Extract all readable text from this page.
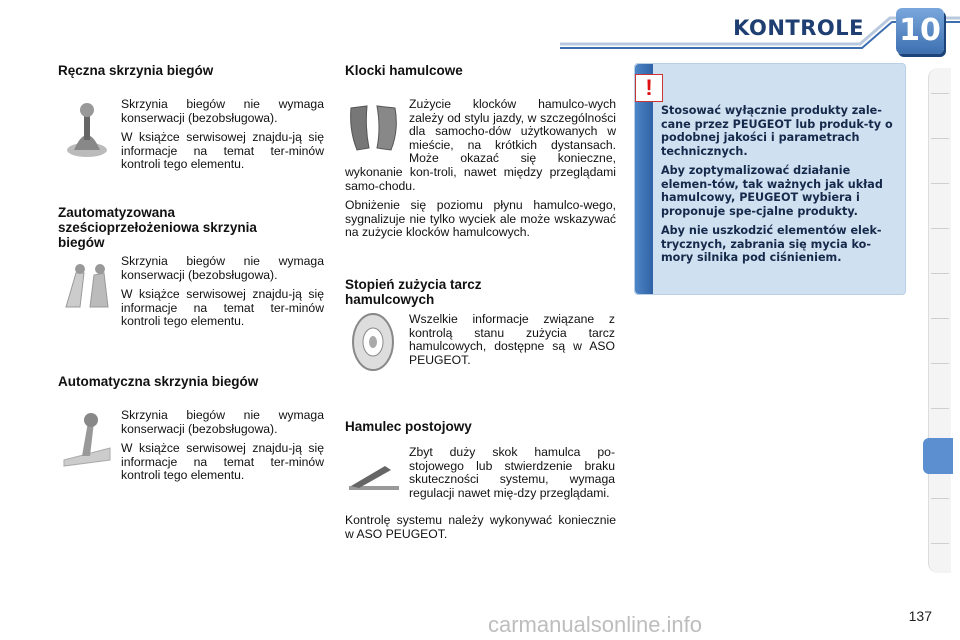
KONTROLE 10
Ręczna skrzynia biegów

Skrzynia biegów nie wymaga konserwacji (bezobsługowa).

W książce serwisowej znajdu-ją się informacje na temat ter-minów kontroli tego elementu.

Zautomatyzowana
sześcioprzełożeniowa skrzynia
biegów

Skrzynia biegów nie wymaga konserwacji (bezobsługowa).

W książce serwisowej znajdu-ją się informacje na temat ter-minów kontroli tego elementu.

Automatyczna skrzynia biegów

Skrzynia biegów nie wymaga konserwacji (bezobsługowa).

W książce serwisowej znajdu-ją się informacje na temat ter-minów kontroli tego elementu.

Klocki hamulcowe

Zużycie klocków hamulco-wych zależy od stylu jazdy, w szczególności dla samocho-dów użytkowanych w mieście, na krótkich dystansach. Może okazać się konieczne, wykonanie kon-troli, nawet między przeglądami samo-chodu.

Obniżenie się poziomu płynu hamulco-wego, sygnalizuje nie tylko wyciek ale może wskazywać na zużycie klocków hamulcowych.

Stopień zużycia tarcz
hamulcowych

Wszelkie informacje związane z kontrolą stanu zużycia tarcz hamulcowych, dostępne są w ASO PEUGEOT.

Hamulec postojowy

Zbyt duży skok hamulca po-stojowego lub stwierdzenie braku skuteczności systemu, wymaga regulacji nawet mię-dzy przeglądami.

Kontrolę systemu należy wykonywać koniecznie w ASO PEUGEOT.

!

Stosować wyłącznie produkty zale-cane przez PEUGEOT lub produk-ty o podobnej jakości i parametrach technicznych.

Aby zoptymalizować działanie elemen-tów, tak ważnych jak układ hamulcowy, PEUGEOT wybiera i proponuje spe-cjalne produkty.

Aby nie uszkodzić elementów elek-trycznych, zabrania się mycia ko-mory silnika pod ciśnieniem.

carmanualsonline.info	137
